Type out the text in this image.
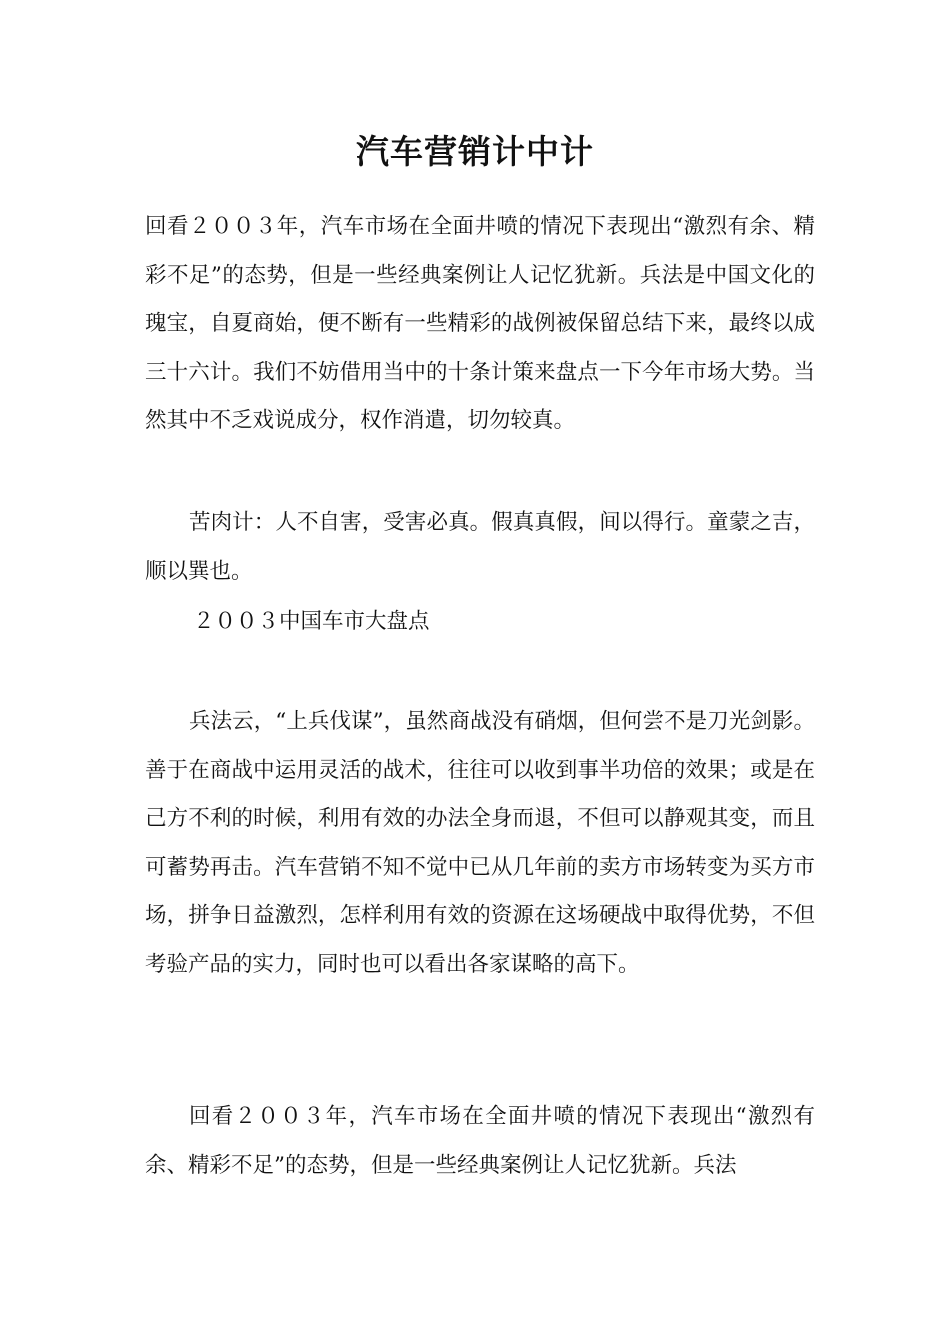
汽车营销计中计

回看２００３年，汽车市场在全面井喷的情况下表现出“激烈有余、精彩不足”的态势，但是一些经典案例让人记忆犹新。兵法是中国文化的瑰宝，自夏商始，便不断有一些精彩的战例被保留总结下来，最终以成三十六计。我们不妨借用当中的十条计策来盘点一下今年市场大势。当然其中不乏戏说成分，权作消遣，切勿较真。

苦肉计：人不自害，受害必真。假真真假，间以得行。童蒙之吉，顺以巽也。

２００３中国车市大盘点

兵法云，“上兵伐谋”，虽然商战没有硝烟，但何尝不是刀光剑影。善于在商战中运用灵活的战术，往往可以收到事半功倍的效果；或是在己方不利的时候，利用有效的办法全身而退，不但可以静观其变，而且可蓄势再击。汽车营销不知不觉中已从几年前的卖方市场转变为买方市场，拼争日益激烈，怎样利用有效的资源在这场硬战中取得优势，不但考验产品的实力，同时也可以看出各家谋略的高下。

回看２００３年，汽车市场在全面井喷的情况下表现出“激烈有余、精彩不足”的态势，但是一些经典案例让人记忆犹新。兵法
